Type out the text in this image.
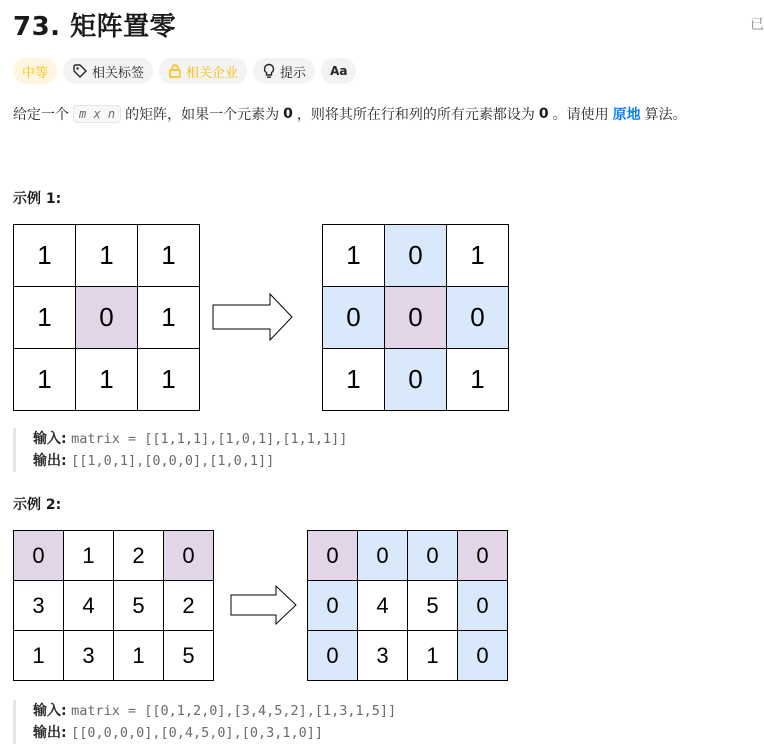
73. 矩阵置零	已
中等	相关标签	相关企业	提示 Aa
给定一个 m x n 的矩阵，如果一个元素为 0 ，则将其所在行和列的所有元素都设为 0 。请使用 原地 算法。
示例 1:
1	1	1
1	0	1
1	1	1
1	0	1
0	0	0
1	0	1
输入: matrix = [[1,1,1],[1,0,1],[1,1,1]]
输出: [[1,0,1],[0,0,0],[1,0,1]]
示例 2:
0	1	2	0
3	4	5	2
1	3	1	5
0	0	0	0
0	4	5	0
0	3	1	0
输入: matrix = [[0,1,2,0],[3,4,5,2],[1,3,1,5]]
输出: [[0,0,0,0],[0,4,5,0],[0,3,1,0]]
